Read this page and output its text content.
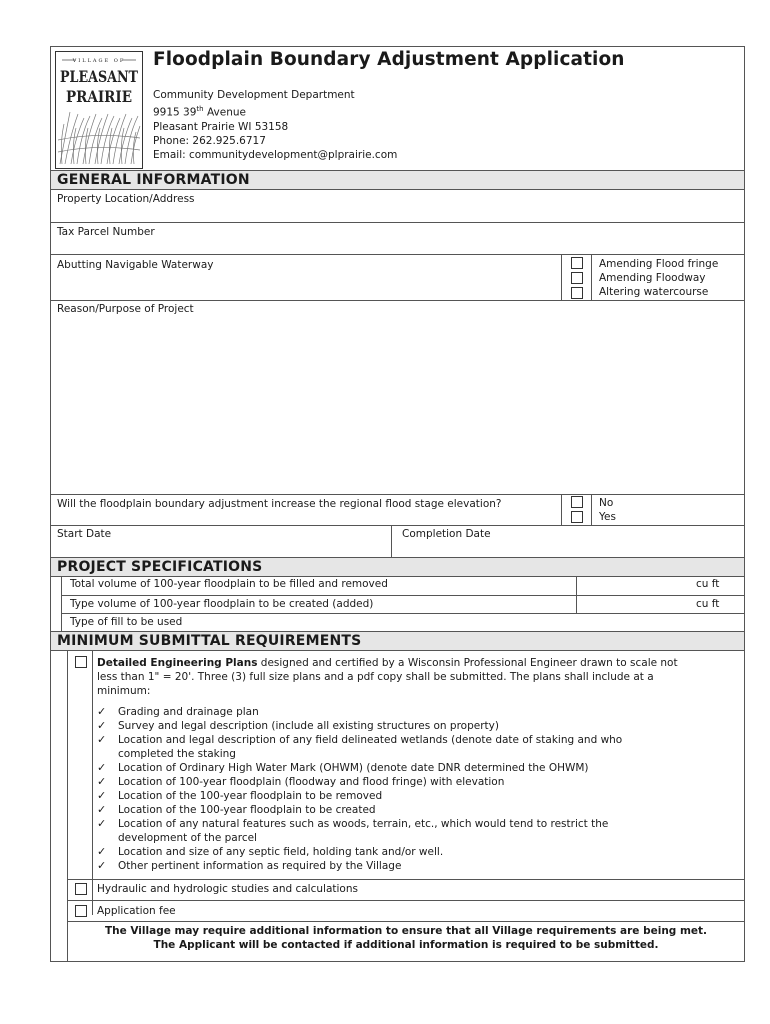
VILLAGE OF
PLEASANT
PRAIRIE
Floodplain Boundary Adjustment Application
Community Development Department
9915 39th Avenue
Pleasant Prairie WI 53158
Phone: 262.925.6717
Email: communitydevelopment@plprairie.com
GENERAL INFORMATION
Property Location/Address
Tax Parcel Number
Abutting Navigable Waterway	Amending Flood fringe
Amending Floodway
Altering watercourse
Reason/Purpose of Project
Will the floodplain boundary adjustment increase the regional flood stage elevation?	No
Yes
Start Date	Completion Date
PROJECT SPECIFICATIONS
Total volume of 100-year floodplain to be filled and removed	cu ft
Type volume of 100-year floodplain to be created (added)	cu ft
Type of fill to be used
MINIMUM SUBMITTAL REQUIREMENTS
Detailed Engineering Plans designed and certified by a Wisconsin Professional Engineer drawn to scale not
less than 1" = 20'. Three (3) full size plans and a pdf copy shall be submitted. The plans shall include at a
minimum:
✓ Grading and drainage plan
✓ Survey and legal description (include all existing structures on property)
✓ Location and legal description of any field delineated wetlands (denote date of staking and who completed the staking
✓ Location of Ordinary High Water Mark (OHWM) (denote date DNR determined the OHWM)
✓ Location of 100-year floodplain (floodway and flood fringe) with elevation
✓ Location of the 100-year floodplain to be removed
✓ Location of the 100-year floodplain to be created
✓ Location of any natural features such as woods, terrain, etc., which would tend to restrict the development of the parcel
✓ Location and size of any septic field, holding tank and/or well.
✓ Other pertinent information as required by the Village
Hydraulic and hydrologic studies and calculations
Application fee
The Village may require additional information to ensure that all Village requirements are being met.
The Applicant will be contacted if additional information is required to be submitted.
